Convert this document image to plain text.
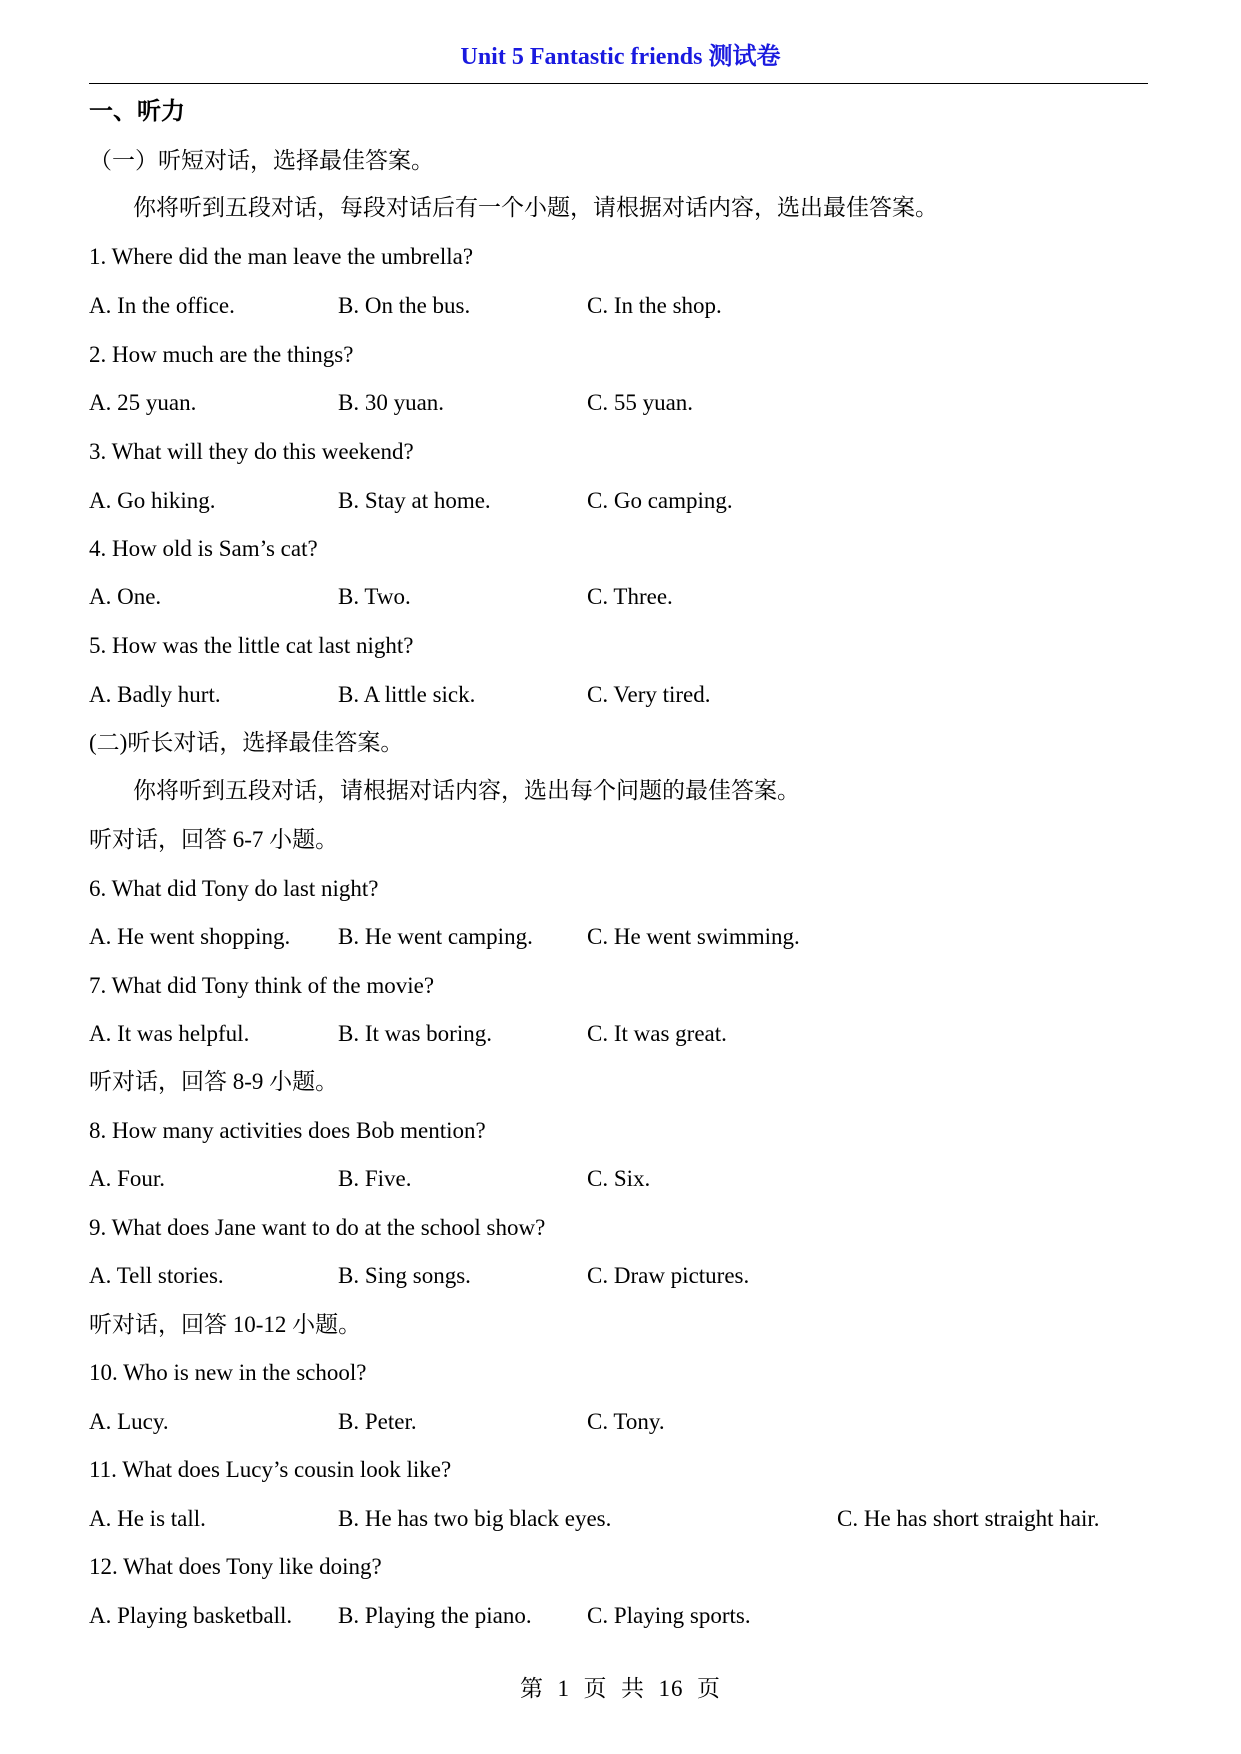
Unit 5 Fantastic friends 测试卷
一、听力
（一）听短对话，选择最佳答案。
你将听到五段对话，每段对话后有一个小题，请根据对话内容，选出最佳答案。
1. Where did the man leave the umbrella?
A. In the office.	B. On the bus.	C. In the shop.
2. How much are the things?
A. 25 yuan.	B. 30 yuan.	C. 55 yuan.
3. What will they do this weekend?
A. Go hiking.	B. Stay at home.	C. Go camping.
4. How old is Sam’s cat?
A. One.	B. Two.	C. Three.
5. How was the little cat last night?
A. Badly hurt.	B. A little sick.	C. Very tired.
(二)听长对话，选择最佳答案。
你将听到五段对话，请根据对话内容，选出每个问题的最佳答案。
听对话，回答 6-7 小题。
6. What did Tony do last night?
A. He went shopping. B. He went camping. C. He went swimming.
7. What did Tony think of the movie?
A. It was helpful.	B. It was boring.	C. It was great.
听对话，回答 8-9 小题。
8. How many activities does Bob mention?
A. Four.	B. Five.	C. Six.
9. What does Jane want to do at the school show?
A. Tell stories.	B. Sing songs.	C. Draw pictures.
听对话，回答 10-12 小题。
10. Who is new in the school?
A. Lucy.	B. Peter.	C. Tony.
11. What does Lucy’s cousin look like?
A. He is tall.	B. He has two big black eyes.	C. He has short straight hair.
12. What does Tony like doing?
A. Playing basketball. B. Playing the piano. C. Playing sports.
第  1  页  共  16  页
